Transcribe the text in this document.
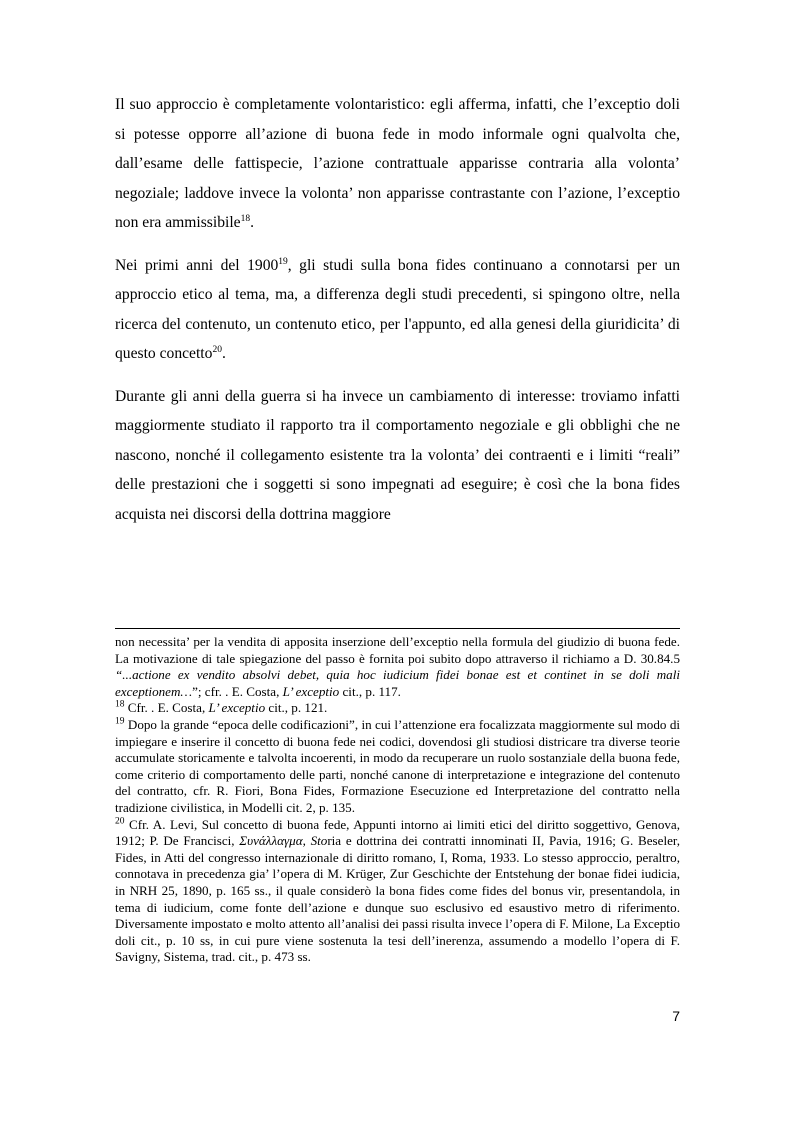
Il suo approccio è completamente volontaristico: egli afferma, infatti, che l’exceptio doli si potesse opporre all’azione di buona fede in modo informale ogni qualvolta che, dall’esame delle fattispecie, l’azione contrattuale apparisse contraria alla volonta’ negoziale; laddove invece la volonta’ non apparisse contrastante con l’azione, l’exceptio non era ammissibile$^{18}$.

Nei primi anni del 1900$^{19}$, gli studi sulla bona fides continuano a connotarsi per un approccio etico al tema, ma, a differenza degli studi precedenti, si spingono oltre, nella ricerca del contenuto, un contenuto etico, per l'appunto, ed alla genesi della giuridicita’ di questo concetto$^{20}$.

Durante gli anni della guerra si ha invece un cambiamento di interesse: troviamo infatti maggiormente studiato il rapporto tra il comportamento negoziale e gli obblighi che ne nascono, nonché il collegamento esistente tra la volonta’ dei contraenti e i limiti “reali” delle prestazioni che i soggetti si sono impegnati ad eseguire; è così che la bona fides acquista nei discorsi della dottrina maggiore

non necessita’ per la vendita di apposita inserzione dell’exceptio nella formula del giudizio di buona fede. La motivazione di tale spiegazione del passo è fornita poi subito dopo attraverso il richiamo a D. 30.84.5 “...actione ex vendito absolvi debet, quia hoc iudicium fidei bonae est et continet in se doli mali exceptionem…”; cfr. . E. Costa, L’ exceptio cit., p. 117.

$^{18}$ Cfr. . E. Costa, L’ exceptio cit., p. 121.

$^{19}$ Dopo la grande “epoca delle codificazioni”, in cui l’attenzione era focalizzata maggiormente sul modo di impiegare e inserire il concetto di buona fede nei codici, dovendosi gli studiosi districare tra diverse teorie accumulate storicamente e talvolta incoerenti, in modo da recuperare un ruolo sostanziale della buona fede, come criterio di comportamento delle parti, nonché canone di interpretazione e integrazione del contenuto del contratto, cfr. R. Fiori, Bona Fides, Formazione Esecuzione ed Interpretazione del contratto nella tradizione civilistica, in Modelli cit. 2, p. 135.

$^{20}$ Cfr. A. Levi, Sul concetto di buona fede, Appunti intorno ai limiti etici del diritto soggettivo, Genova, 1912; P. De Francisci, Συνάλλαγμα, Storia e dottrina dei contratti innominati II, Pavia, 1916; G. Beseler, Fides, in Atti del congresso internazionale di diritto romano, I, Roma, 1933. Lo stesso approccio, peraltro, connotava in precedenza gia’ l’opera di M. Krüger, Zur Geschichte der Entstehung der bonae fidei iudicia, in NRH 25, 1890, p. 165 ss., il quale considerò la bona fides come fides del bonus vir, presentandola, in tema di iudicium, come fonte dell’azione e dunque suo esclusivo ed esaustivo metro di riferimento. Diversamente impostato e molto attento all’analisi dei passi risulta invece l’opera di F. Milone, La Exceptio doli cit., p. 10 ss, in cui pure viene sostenuta la tesi dell’inerenza, assumendo a modello l’opera di F. Savigny, Sistema, trad. cit., p. 473 ss.

7
